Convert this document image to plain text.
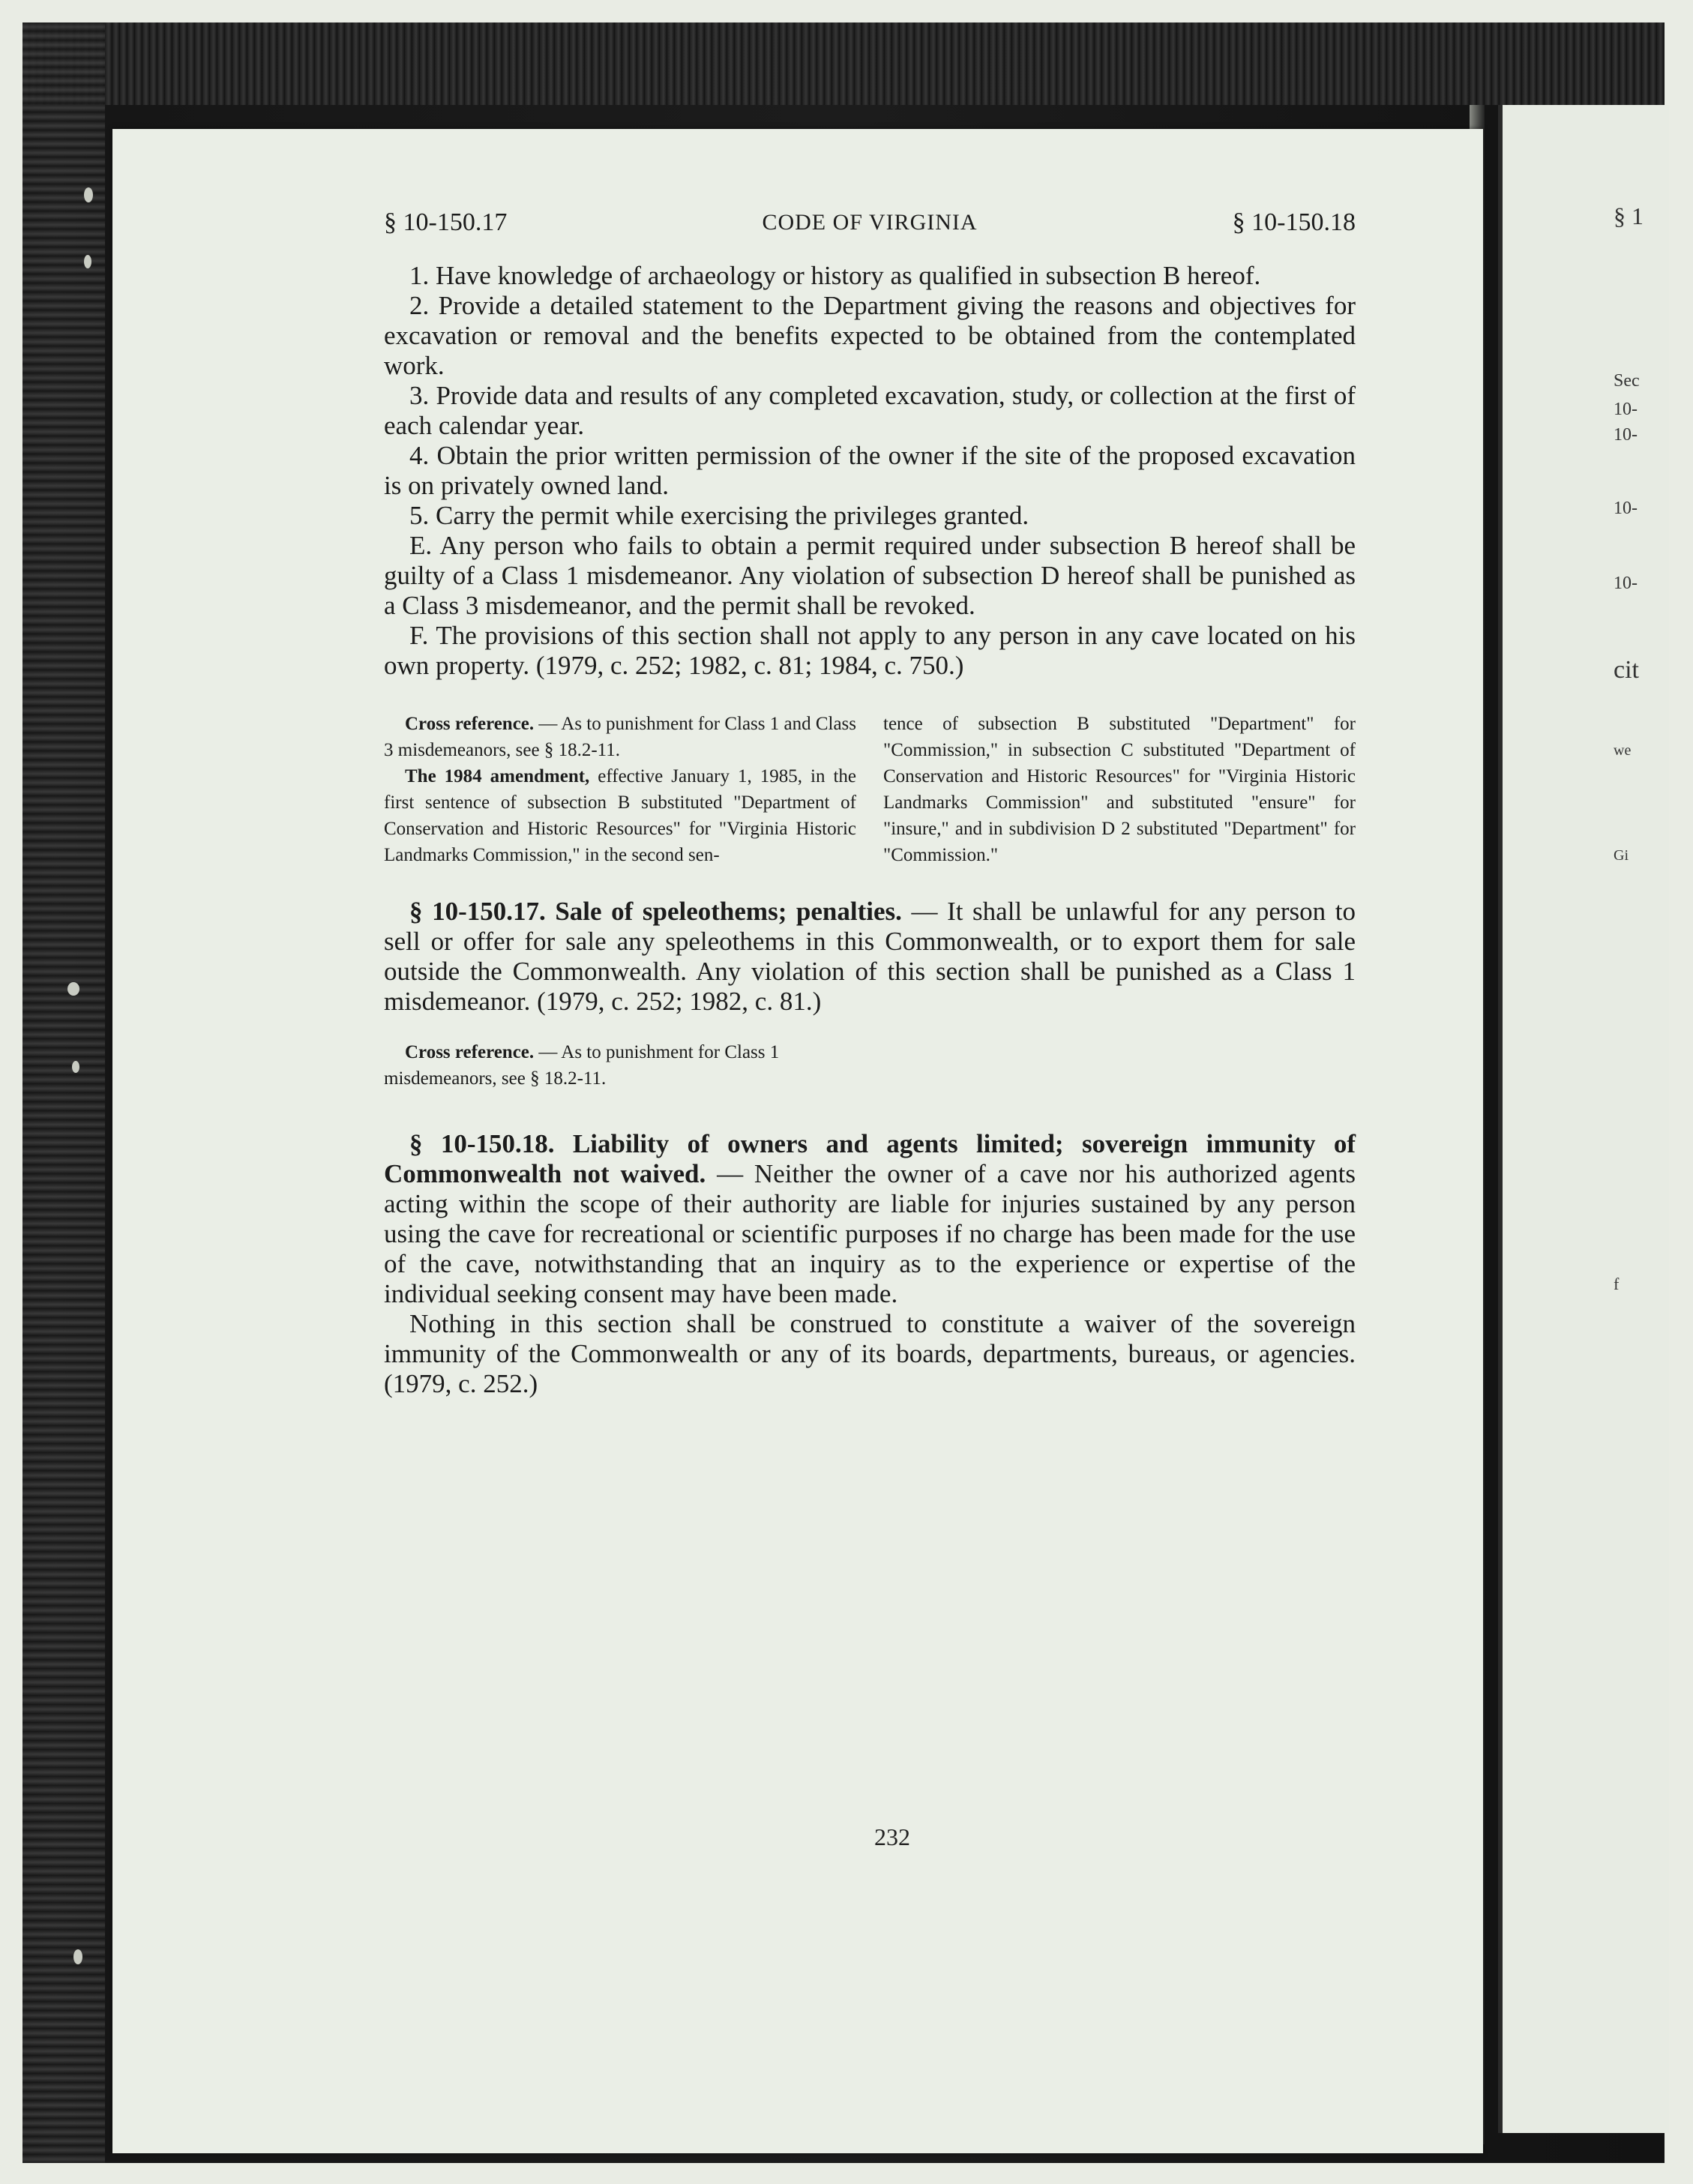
§ 1
Sec
10-
10-
10-
10-
cit
we
Gi
f
§ 10-150.17	CODE OF VIRGINIA	§ 10-150.18

1. Have knowledge of archaeology or history as qualified in subsection B hereof.

2. Provide a detailed statement to the Department giving the reasons and objectives for excavation or removal and the benefits expected to be obtained from the contemplated work.

3. Provide data and results of any completed excavation, study, or collection at the first of each calendar year.

4. Obtain the prior written permission of the owner if the site of the proposed excavation is on privately owned land.

5. Carry the permit while exercising the privileges granted.

E. Any person who fails to obtain a permit required under subsection B hereof shall be guilty of a Class 1 misdemeanor. Any violation of subsection D hereof shall be punished as a Class 3 misdemeanor, and the permit shall be revoked.

F. The provisions of this section shall not apply to any person in any cave located on his own property. (1979, c. 252; 1982, c. 81; 1984, c. 750.)

Cross reference. — As to punishment for Class 1 and Class 3 misdemeanors, see § 18.2-11.

The 1984 amendment, effective January 1, 1985, in the first sentence of subsection B substituted "Department of Conservation and Historic Resources" for "Virginia Historic Landmarks Commission," in the second sen-

tence of subsection B substituted "Department" for "Commission," in subsection C substituted "Department of Conservation and Historic Resources" for "Virginia Historic Landmarks Commission" and substituted "ensure" for "insure," and in subdivision D 2 substituted "Department" for "Commission."

§ 10-150.17. Sale of speleothems; penalties. — It shall be unlawful for any person to sell or offer for sale any speleothems in this Commonwealth, or to export them for sale outside the Commonwealth. Any violation of this section shall be punished as a Class 1 misdemeanor. (1979, c. 252; 1982, c. 81.)

Cross reference. — As to punishment for Class 1 misdemeanors, see § 18.2-11.

§ 10-150.18. Liability of owners and agents limited; sovereign immunity of Commonwealth not waived. — Neither the owner of a cave nor his authorized agents acting within the scope of their authority are liable for injuries sustained by any person using the cave for recreational or scientific purposes if no charge has been made for the use of the cave, notwithstanding that an inquiry as to the experience or expertise of the individual seeking consent may have been made.

Nothing in this section shall be construed to constitute a waiver of the sovereign immunity of the Commonwealth or any of its boards, departments, bureaus, or agencies. (1979, c. 252.)

232
